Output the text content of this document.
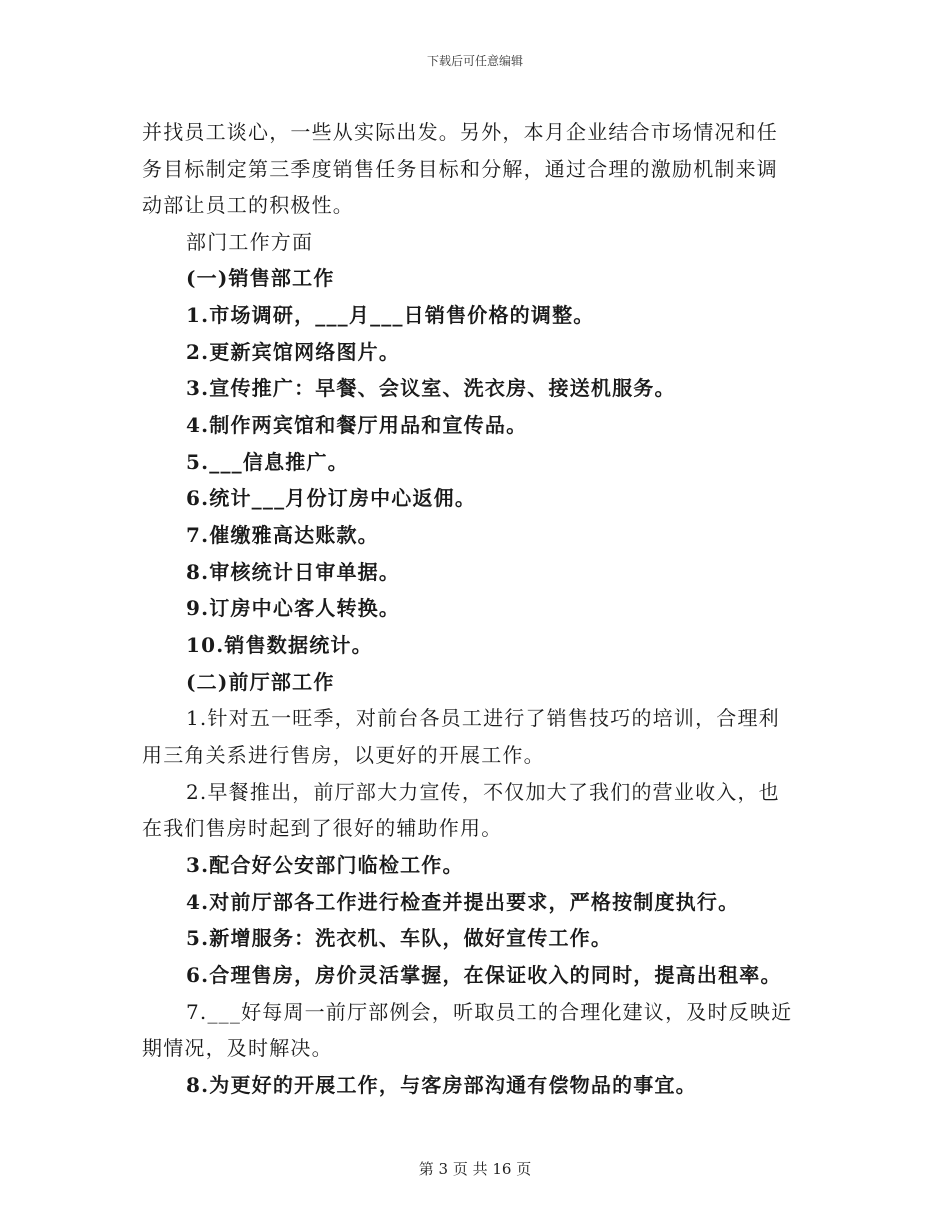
下载后可任意编辑
并找员工谈心，一些从实际出发。另外，本月企业结合市场情况和任
务目标制定第三季度销售任务目标和分解，通过合理的激励机制来调
动部让员工的积极性。
部门工作方面
(一)销售部工作
1.市场调研，___月___日销售价格的调整。
2.更新宾馆网络图片。
3.宣传推广：早餐、会议室、洗衣房、接送机服务。
4.制作两宾馆和餐厅用品和宣传品。
5.___信息推广。
6.统计___月份订房中心返佣。
7.催缴雅高达账款。
8.审核统计日审单据。
9.订房中心客人转换。
10.销售数据统计。
(二)前厅部工作
1.针对五一旺季，对前台各员工进行了销售技巧的培训，合理利
用三角关系进行售房，以更好的开展工作。
2.早餐推出，前厅部大力宣传，不仅加大了我们的营业收入，也
在我们售房时起到了很好的辅助作用。
3.配合好公安部门临检工作。
4.对前厅部各工作进行检查并提出要求，严格按制度执行。
5.新增服务：洗衣机、车队，做好宣传工作。
6.合理售房，房价灵活掌握，在保证收入的同时，提高出租率。
7.___好每周一前厅部例会，听取员工的合理化建议，及时反映近
期情况，及时解决。
8.为更好的开展工作，与客房部沟通有偿物品的事宜。
第 3 页 共 16 页
